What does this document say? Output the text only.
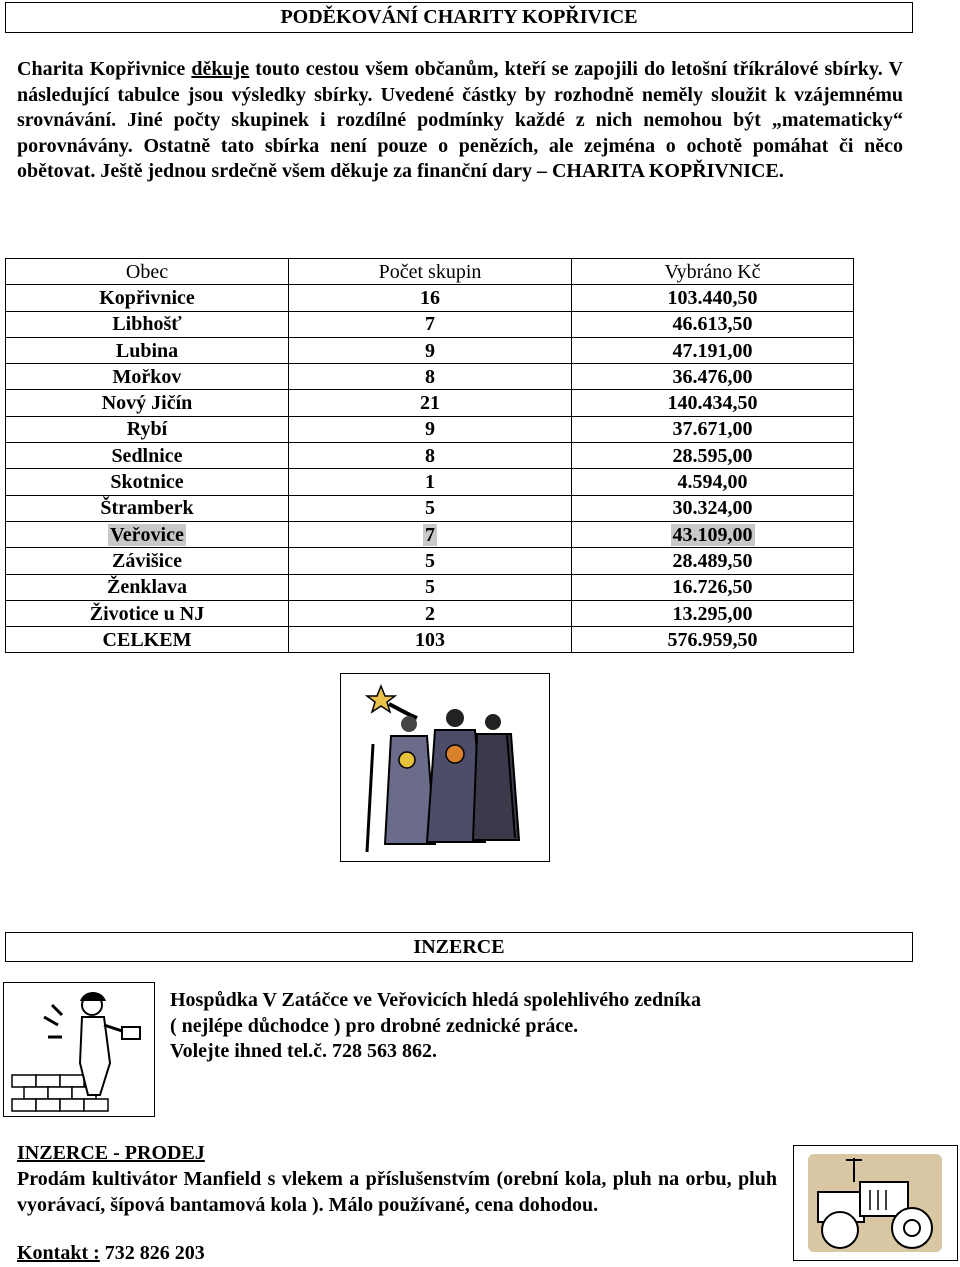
PODĚKOVÁNÍ CHARITY KOPŘIVICE
Charita Kopřivnice děkuje touto cestou všem občanům, kteří se zapojili do letošní tříkrálové sbírky. V následující tabulce jsou výsledky sbírky. Uvedené částky by rozhodně neměly sloužit k vzájemnému srovnávání. Jiné počty skupinek i rozdílné podmínky každé z nich nemohou být „matematicky“ porovnávány. Ostatně tato sbírka není pouze o penězích, ale zejména o ochotě pomáhat či něco obětovat. Ještě jednou srdečně všem děkuje za finanční dary – CHARITA KOPŘIVNICE.
Obec	Počet skupin	Vybráno Kč
Kopřivnice	16	103.440,50
Libhošť	7	46.613,50
Lubina	9	47.191,00
Mořkov	8	36.476,00
Nový Jičín	21	140.434,50
Rybí	9	37.671,00
Sedlnice	8	28.595,00
Skotnice	1	4.594,00
Štramberk	5	30.324,00
Veřovice	7	43.109,00
Závišice	5	28.489,50
Ženklava	5	16.726,50
Životice u NJ	2	13.295,00
CELKEM	103	576.959,50
INZERCE
Hospůdka V Zatáčce ve Veřovicích hledá spolehlivého zedníka
( nejlépe důchodce ) pro drobné zednické práce.
Volejte ihned tel.č. 728 563 862.
INZERCE - PRODEJ
Prodám kultivátor Manfield s vlekem a příslušenstvím (orební kola, pluh na orbu, pluh vyorávací, šípová bantamová kola ). Málo používané, cena dohodou.
Kontakt : 732 826 203
